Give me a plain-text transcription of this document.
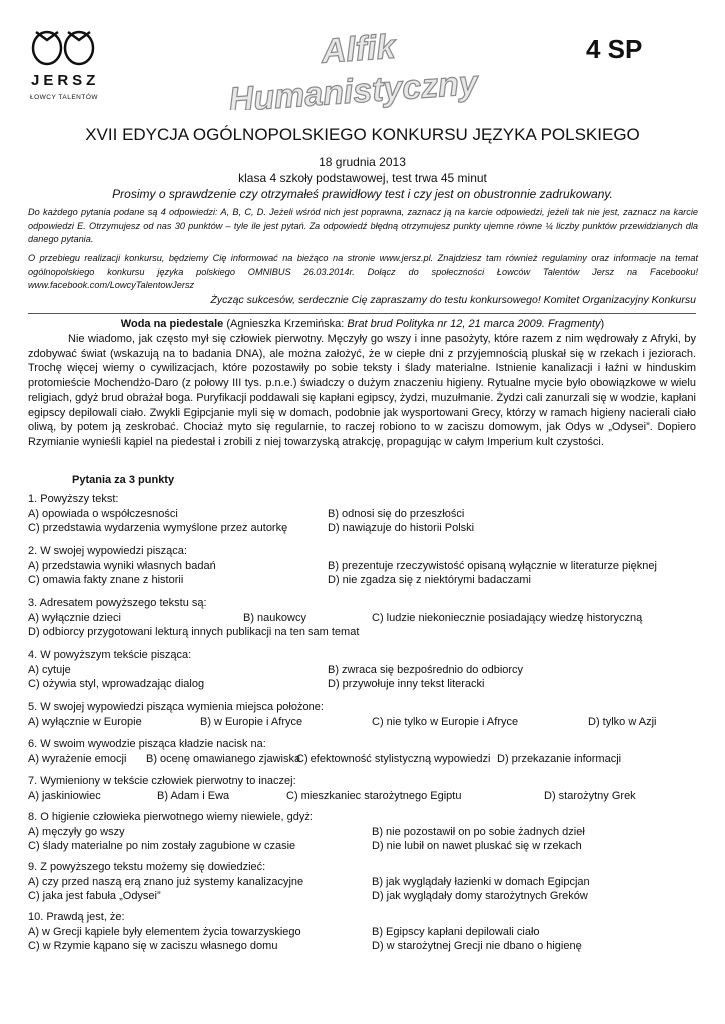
JERSZ
ŁOWCY TALENTÓW
Alfik
Humanistyczny
4 SP
XVII EDYCJA OGÓLNOPOLSKIEGO KONKURSU JĘZYKA POLSKIEGO
18 grudnia 2013
klasa 4 szkoły podstawowej, test trwa 45 minut
Prosimy o sprawdzenie czy otrzymałeś prawidłowy test i czy jest on obustronnie zadrukowany.
Do każdego pytania podane są 4 odpowiedzi: A, B, C, D. Jeżeli wśród nich jest poprawna, zaznacz ją na karcie odpowiedzi, jeżeli tak nie jest, zaznacz na karcie odpowiedzi E. Otrzymujesz od nas 30 punktów – tyle ile jest pytań. Za odpowiedź błędną otrzymujesz punkty ujemne równe ¼ liczby punktów przewidzianych dla danego pytania.
O przebiegu realizacji konkursu, będziemy Cię informować na bieżąco na stronie www.jersz.pl. Znajdziesz tam również regulaminy oraz informacje na temat ogólnopolskiego konkursu języka polskiego OMNIBUS 26.03.2014r. Dołącz do społeczności Łowców Talentów Jersz na Facebooku! www.facebook.com/LowcyTalentowJersz
Życząc sukcesów, serdecznie Cię zapraszamy do testu konkursowego! Komitet Organizacyjny Konkursu
Woda na piedestale (Agnieszka Krzemińska: Brat brud Polityka nr 12, 21 marca 2009. Fragmenty)

Nie wiadomo, jak często mył się człowiek pierwotny. Męczyły go wszy i inne pasożyty, które razem z nim wędrowały z Afryki, by zdobywać świat (wskazują na to badania DNA), ale można założyć, że w ciepłe dni z przyjemnością pluskał się w rzekach i jeziorach. Trochę więcej wiemy o cywilizacjach, które pozostawiły po sobie teksty i ślady materialne. Istnienie kanalizacji i łaźni w hinduskim protomieście Mochendżo-Daro (z połowy III tys. p.n.e.) świadczy o dużym znaczeniu higieny. Rytualne mycie było obowiązkowe w wielu religiach, gdyż brud obrażał boga. Puryfikacji poddawali się kapłani egipscy, żydzi, muzułmanie. Żydzi cali zanurzali się w wodzie, kapłani egipscy depilowali ciało. Zwykli Egipcjanie myli się w domach, podobnie jak wysportowani Grecy, którzy w ramach higieny nacierali ciało oliwą, by potem ją zeskrobać. Chociaż myto się regularnie, to raczej robiono to w zaciszu domowym, jak Odys w „Odysei”. Dopiero Rzymianie wynieśli kąpiel na piedestał i zrobili z niej towarzyską atrakcję, propagując w całym Imperium kult czystości.

Pytania za 3 punkty
1. Powyższy tekst:
A) opowiada o współczesności	B) odnosi się do przeszłości
C) przedstawia wydarzenia wymyślone przez autorkę	D) nawiązuje do historii Polski
2. W swojej wypowiedzi pisząca:
A) przedstawia wyniki własnych badań	B) prezentuje rzeczywistość opisaną wyłącznie w literaturze pięknej
C) omawia fakty znane z historii	D) nie zgadza się z niektórymi badaczami
3. Adresatem powyższego tekstu są:
A) wyłącznie dzieci	B) naukowcy	C) ludzie niekoniecznie posiadający wiedzę historyczną
D) odbiorcy przygotowani lekturą innych publikacji na ten sam temat
4. W powyższym tekście pisząca:
A) cytuje	B) zwraca się bezpośrednio do odbiorcy
C) ożywia styl, wprowadzając dialog	D) przywołuje inny tekst literacki
5. W swojej wypowiedzi pisząca wymienia miejsca położone:
A) wyłącznie w Europie	B) w Europie i Afryce	C) nie tylko w Europie i Afryce	D) tylko w Azji
6. W swoim wywodzie pisząca kładzie nacisk na:
A) wyrażenie emocji B) ocenę omawianego zjawiska
C) efektowność stylistyczną wypowiedzi D) przekazanie informacji
7. Wymieniony w tekście człowiek pierwotny to inaczej:
A) jaskiniowiec	B) Adam i Ewa	C) mieszkaniec starożytnego Egiptu	D) starożytny Grek
8. O higienie człowieka pierwotnego wiemy niewiele, gdyż:
A) męczyły go wszy	B) nie pozostawił on po sobie żadnych dzieł
C) ślady materialne po nim zostały zagubione w czasie	D) nie lubił on nawet pluskać się w rzekach
9. Z powyższego tekstu możemy się dowiedzieć:
A) czy przed naszą erą znano już systemy kanalizacyjne	B) jak wyglądały łazienki w domach Egipcjan
C) jaka jest fabuła „Odysei”	D) jak wyglądały domy starożytnych Greków
10. Prawdą jest, że:
A) w Grecji kąpiele były elementem życia towarzyskiego	B) Egipscy kapłani depilowali ciało
C) w Rzymie kąpano się w zaciszu własnego domu	D) w starożytnej Grecji nie dbano o higienę
